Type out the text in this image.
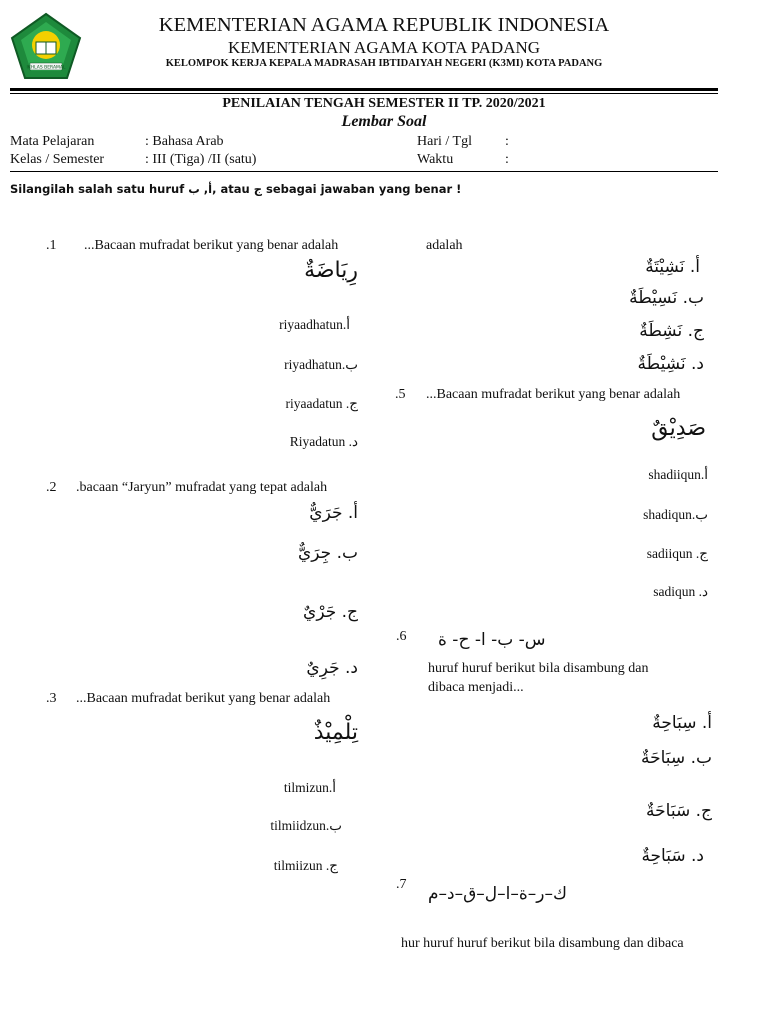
IKHLAS BERAMAL
KEMENTERIAN AGAMA REPUBLIK INDONESIA
KEMENTERIAN AGAMA KOTA PADANG
KELOMPOK KERJA KEPALA MADRASAH IBTIDAIYAH NEGERI (K3MI) KOTA PADANG
PENILAIAN TENGAH SEMESTER II TP. 2020/2021
Lembar Soal
Mata Pelajaran	: Bahasa Arab	Hari / Tgl :
Kelas / Semester	: III (Tiga) /II (satu)	Waktu	:
Silangilah salah satu huruf أ, ب, atau ج sebagai jawaban yang benar !
.1 ...Bacaan mufradat berikut yang benar adalah
رِيَاضَةٌ
riyaadhatun.أ
riyadhatun.ب
riyaadatun .ج
Riyadatun .د
.2 .bacaan “Jaryun” mufradat yang tepat adalah
أ. جَرَيٌّ
ب. جِرَيٌّ
ج. جَرْيٌ
د. جَرِيٌ
.3 ...Bacaan mufradat berikut yang benar adalah
تِلْمِيْذٌ
tilmizun.أ
tilmiidzun.ب
tilmiizun .ج
adalah
أ. نَشِيْتَةٌ
ب. نَسِيْطَةٌ
ج. نَشِطَةٌ
د. نَشِيْطَةٌ
.5 ...Bacaan mufradat berikut yang benar adalah
صَدِيْقٌ
shadiiqun.أ
shadiqun.ب
sadiiqun .ج
sadiqun .د
.6 س- ب- ا- ح- ة
huruf huruf berikut bila disambung dan
dibaca menjadi...
أ. سِبَاحِةٌ
ب. سِبَاحَةٌ
ج. سَبَاحَةٌ
د. سَبَاحِةٌ
.7 ك–ر–ة–ا–ل–ق–د–م
hur huruf huruf berikut bila disambung dan dibaca
